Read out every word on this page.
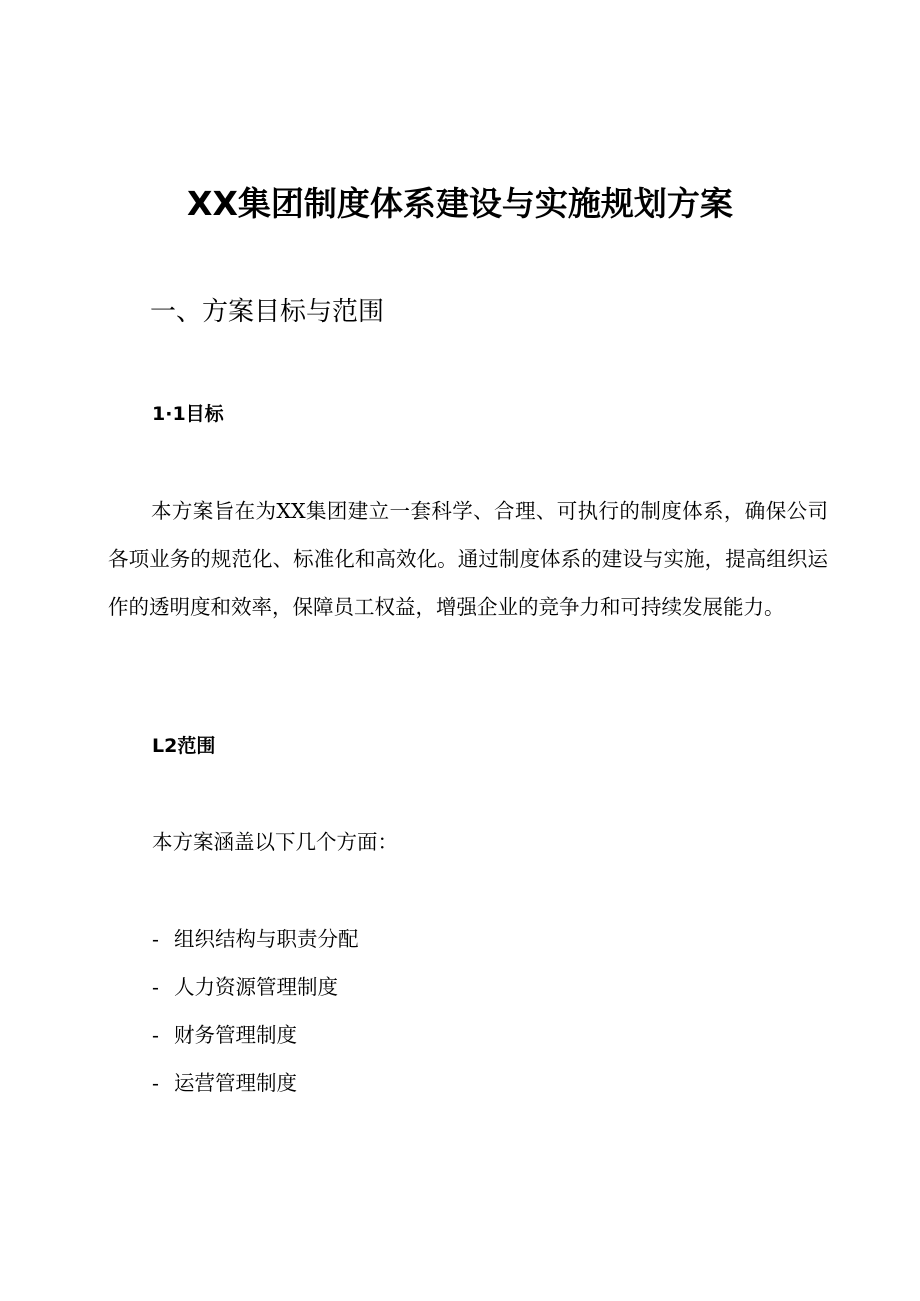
XX集团制度体系建设与实施规划方案
一、方案目标与范围
1·1目标

本方案旨在为XX集团建立一套科学、合理、可执行的制度体系，确保公司各项业务的规范化、标准化和高效化。通过制度体系的建设与实施，提高组织运作的透明度和效率，保障员工权益，增强企业的竞争力和可持续发展能力。

L2范围

本方案涵盖以下几个方面：

- 组织结构与职责分配
- 人力资源管理制度
- 财务管理制度
- 运营管理制度
